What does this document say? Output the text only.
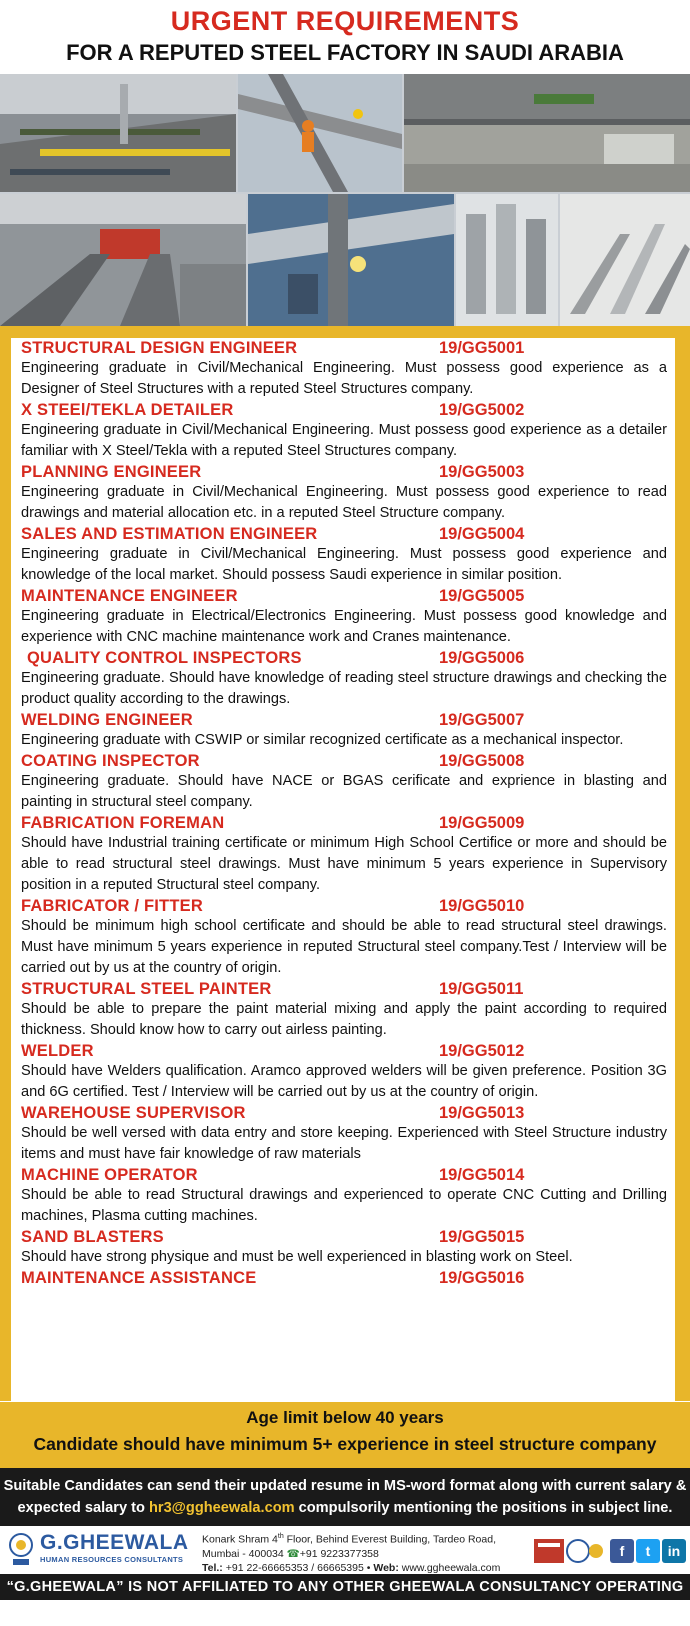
URGENT REQUIREMENTS
FOR A REPUTED STEEL FACTORY IN SAUDI ARABIA
STRUCTURAL DESIGN ENGINEER	19/GG5001
Engineering graduate in Civil/Mechanical Engineering. Must possess good experience as a Designer of Steel Structures with a reputed Steel Structures company.
X STEEl/TEKLA DETAILER	19/GG5002
Engineering graduate in Civil/Mechanical Engineering. Must possess good experience as a detailer familiar with X Steel/Tekla with a reputed Steel Structures company.
PLANNING ENGINEER	19/GG5003
Engineering graduate in Civil/Mechanical Engineering. Must possess good experience to read drawings and material allocation etc. in a reputed Steel Structure company.
SALES AND ESTIMATION ENGINEER	19/GG5004
Engineering graduate in Civil/Mechanical Engineering. Must possess good experience and knowledge of the local market. Should possess Saudi experience in similar position.
MAINTENANCE ENGINEER	19/GG5005
Engineering graduate in Electrical/Electronics Engineering. Must possess good knowledge and experience with CNC machine maintenance work and Cranes maintenance.
QUALITY CONTROL INSPECTORS	19/GG5006
Engineering graduate. Should have knowledge of reading steel structure drawings and checking the product quality according to the drawings.
WELDING ENGINEER	19/GG5007
Engineering graduate with CSWIP or similar recognized certificate as a mechanical inspector.
COATING INSPECTOR	19/GG5008
Engineering graduate. Should have NACE or BGAS cerificate and exprience in blasting and painting in structural steel company.
FABRICATION FOREMAN	19/GG5009
Should have Industrial training certificate or minimum High School Certifice or more and should be able to read structural steel drawings. Must have minimum 5 years experience in Supervisory position in a reputed Structural steel company.
FABRICATOR / FITTER	19/GG5010
Should be minimum high school certificate and should be able to read structural steel drawings. Must have minimum 5 years experience in reputed Structural steel company.Test / Interview will be carried out by us at the country of origin.
STRUCTURAL STEEL PAINTER	19/GG5011
Should be able to prepare the paint material mixing and apply the paint according to required thickness. Should know how to carry out airless painting.
WELDER	19/GG5012
Should have Welders qualification. Aramco approved welders will be given preference. Position 3G and 6G certified. Test / Interview will be carried out by us at the country of origin.
WAREHOUSE SUPERVISOR	19/GG5013
Should be well versed with data entry and store keeping. Experienced with Steel Structure industry items and must have fair knowledge of raw materials
MACHINE OPERATOR	19/GG5014
Should be able to read Structural drawings and experienced to operate CNC Cutting and Drilling machines, Plasma cutting machines.
SAND BLASTERS	19/GG5015
Should have strong physique and must be well experienced in blasting work on Steel.
MAINTENANCE ASSISTANCE	19/GG5016
Age limit below 40 years
Candidate should have minimum 5+ experience in steel structure company
Suitable Candidates can send their updated resume in MS-word format along with current salary &
expected salary to hr3@ggheewala.com compulsorily mentioning the positions in subject line.
G.GHEEWALA
HUMAN RESOURCES CONSULTANTS
Konark Shram 4th Floor, Behind Everest Building, Tardeo Road,
Mumbai - 400034 ☎+91 9223377358
Tel.: +91 22-66665353 / 66665395 • Web: www.ggheewala.com
f	t	in
“G.GHEEWALA” IS NOT AFFILIATED TO ANY OTHER GHEEWALA CONSULTANCY OPERATING IN INDIA
